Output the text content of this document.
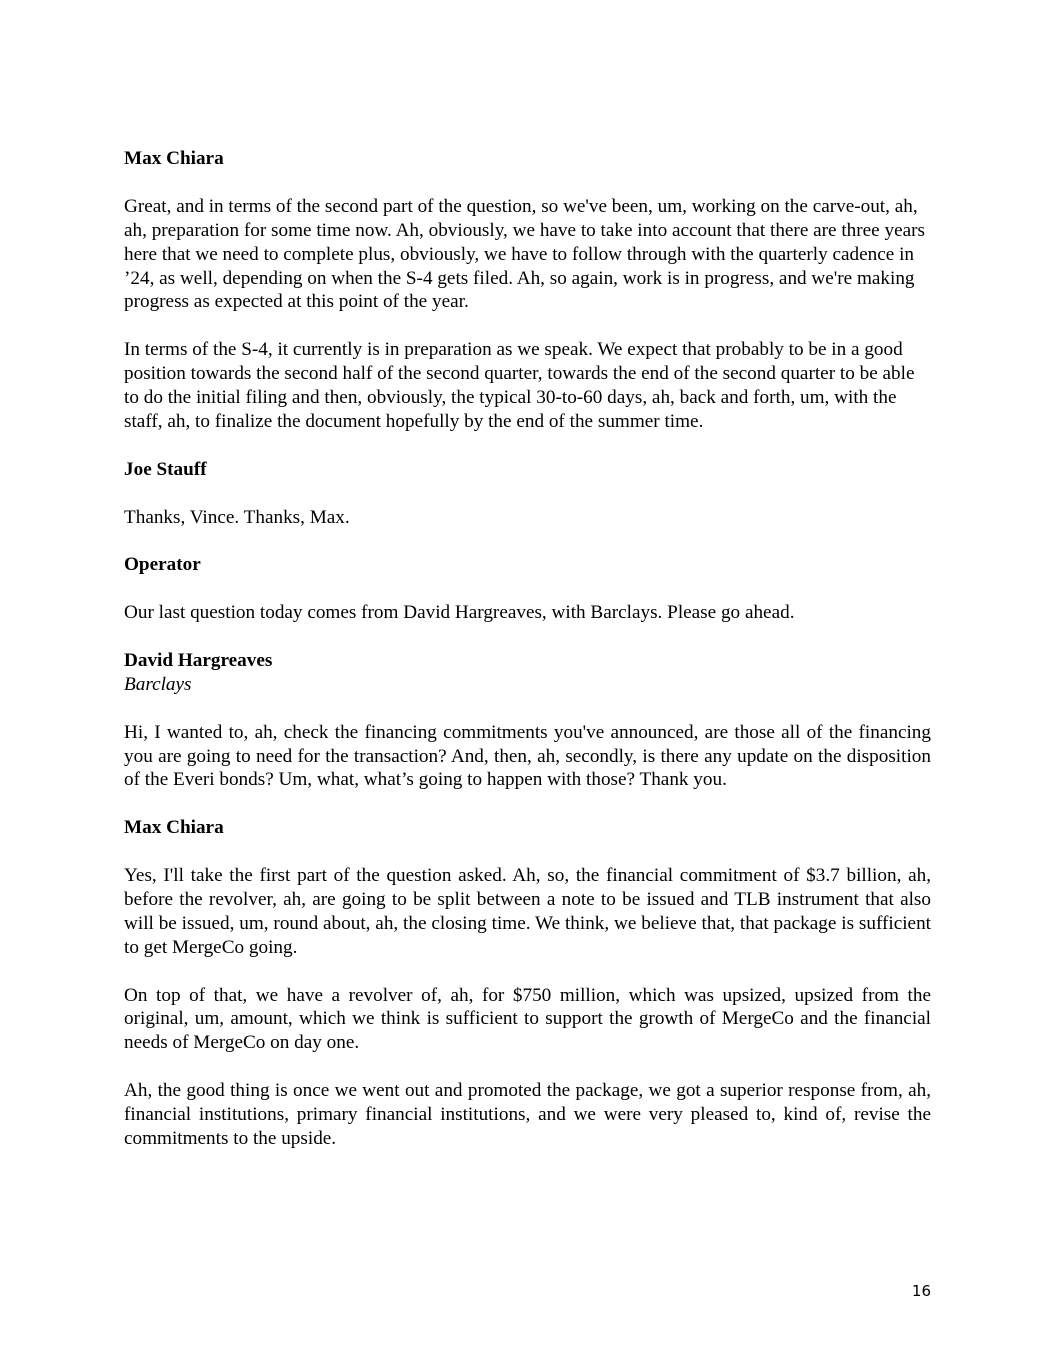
Max Chiara

Great, and in terms of the second part of the question, so we've been, um, working on the carve-out, ah, ah, preparation for some time now. Ah, obviously, we have to take into account that there are three years here that we need to complete plus, obviously, we have to follow through with the quarterly cadence in ’24, as well, depending on when the S-4 gets filed. Ah, so again, work is in progress, and we're making progress as expected at this point of the year.

In terms of the S-4, it currently is in preparation as we speak. We expect that probably to be in a good position towards the second half of the second quarter, towards the end of the second quarter to be able to do the initial filing and then, obviously, the typical 30-to-60 days, ah, back and forth, um, with the staff, ah, to finalize the document hopefully by the end of the summer time.

Joe Stauff

Thanks, Vince. Thanks, Max.

Operator

Our last question today comes from David Hargreaves, with Barclays. Please go ahead.

David Hargreaves

Barclays

Hi, I wanted to, ah, check the financing commitments you've announced, are those all of the financing you are going to need for the transaction? And, then, ah, secondly, is there any update on the disposition of the Everi bonds? Um, what, what’s going to happen with those? Thank you.

Max Chiara

Yes, I'll take the first part of the question asked. Ah, so, the financial commitment of $3.7 billion, ah, before the revolver, ah, are going to be split between a note to be issued and TLB instrument that also will be issued, um, round about, ah, the closing time. We think, we believe that, that package is sufficient to get MergeCo going.

On top of that, we have a revolver of, ah, for $750 million, which was upsized, upsized from the original, um, amount, which we think is sufficient to support the growth of MergeCo and the financial needs of MergeCo on day one.

Ah, the good thing is once we went out and promoted the package, we got a superior response from, ah, financial institutions, primary financial institutions, and we were very pleased to, kind of, revise the commitments to the upside.

16
